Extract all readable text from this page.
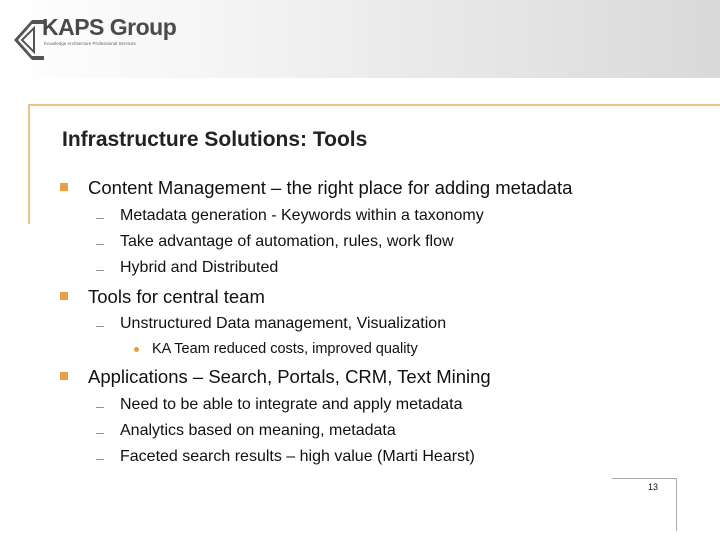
KAPS Group
Knowledge Architecture Professional Services
Infrastructure Solutions: Tools
Content Management – the right place for adding metadata
– Metadata generation - Keywords within a taxonomy
– Take advantage of automation, rules, work flow
– Hybrid and Distributed
Tools for central team
– Unstructured Data management, Visualization
KA Team reduced costs, improved quality
Applications – Search, Portals, CRM, Text Mining
– Need to be able to integrate and apply metadata
– Analytics based on meaning, metadata
– Faceted search results – high value (Marti Hearst)
13
